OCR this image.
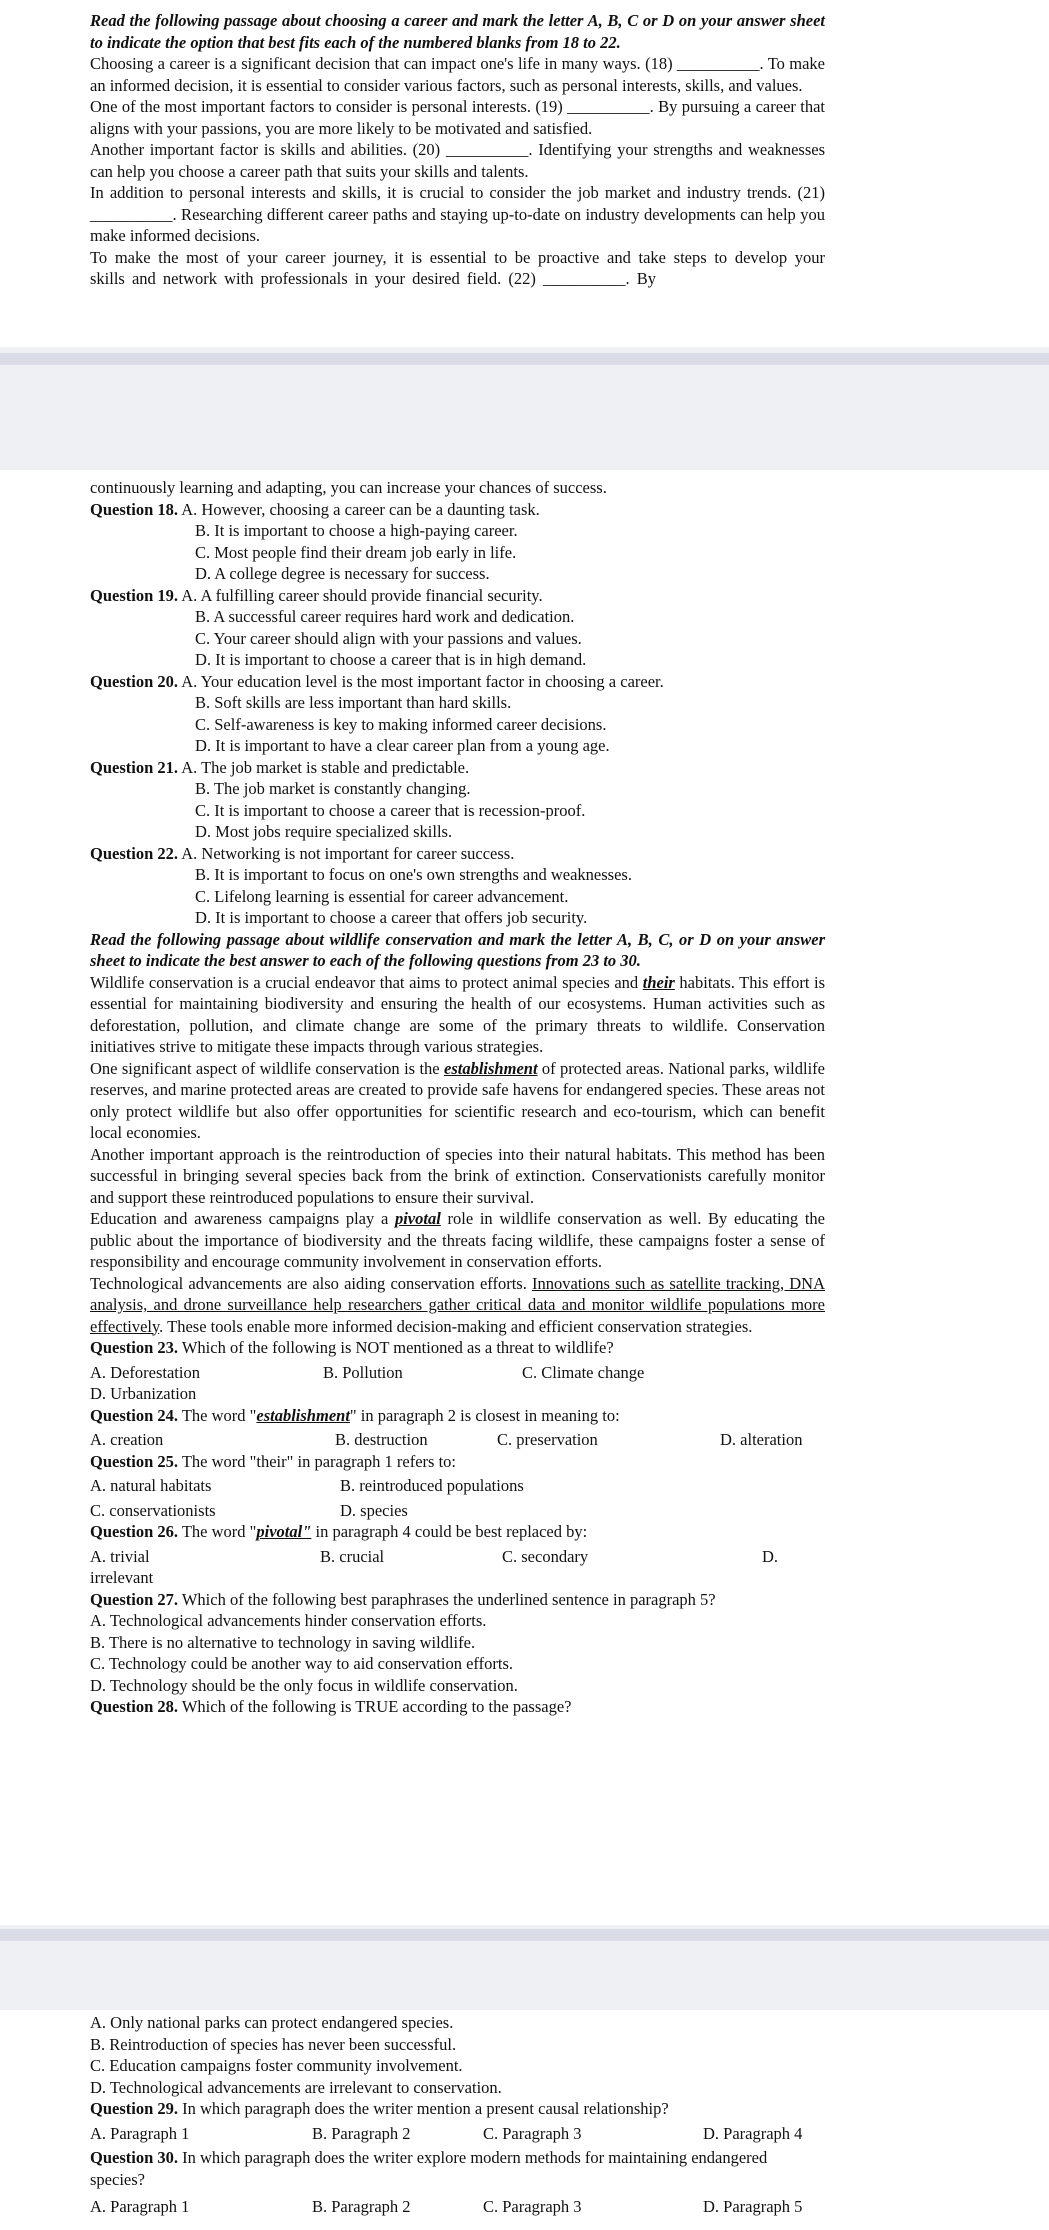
Read the following passage about choosing a career and mark the letter A, B, C or D on your answer sheet to indicate the option that best fits each of the numbered blanks from 18 to 22.

Choosing a career is a significant decision that can impact one's life in many ways. (18) __________. To make an informed decision, it is essential to consider various factors, such as personal interests, skills, and values.

One of the most important factors to consider is personal interests. (19) __________. By pursuing a career that aligns with your passions, you are more likely to be motivated and satisfied.

Another important factor is skills and abilities. (20) __________. Identifying your strengths and weaknesses can help you choose a career path that suits your skills and talents.

In addition to personal interests and skills, it is crucial to consider the job market and industry trends. (21) __________. Researching different career paths and staying up-to-date on industry developments can help you make informed decisions.

To make the most of your career journey, it is essential to be proactive and take steps to develop your skills and network with professionals in your desired field. (22) __________. By

continuously learning and adapting, you can increase your chances of success.

Question 18. A. However, choosing a career can be a daunting task.
B. It is important to choose a high-paying career.
C. Most people find their dream job early in life.
D. A college degree is necessary for success.
Question 19. A. A fulfilling career should provide financial security.
B. A successful career requires hard work and dedication.
C. Your career should align with your passions and values.
D. It is important to choose a career that is in high demand.
Question 20. A. Your education level is the most important factor in choosing a career.
B. Soft skills are less important than hard skills.
C. Self-awareness is key to making informed career decisions.
D. It is important to have a clear career plan from a young age.
Question 21. A. The job market is stable and predictable.
B. The job market is constantly changing.
C. It is important to choose a career that is recession-proof.
D. Most jobs require specialized skills.
Question 22. A. Networking is not important for career success.
B. It is important to focus on one's own strengths and weaknesses.
C. Lifelong learning is essential for career advancement.
D. It is important to choose a career that offers job security.

Read the following passage about wildlife conservation and mark the letter A, B, C, or D on your answer sheet to indicate the best answer to each of the following questions from 23 to 30.

Wildlife conservation is a crucial endeavor that aims to protect animal species and their habitats. This effort is essential for maintaining biodiversity and ensuring the health of our ecosystems. Human activities such as deforestation, pollution, and climate change are some of the primary threats to wildlife. Conservation initiatives strive to mitigate these impacts through various strategies.

One significant aspect of wildlife conservation is the establishment of protected areas. National parks, wildlife reserves, and marine protected areas are created to provide safe havens for endangered species. These areas not only protect wildlife but also offer opportunities for scientific research and eco-tourism, which can benefit local economies.

Another important approach is the reintroduction of species into their natural habitats. This method has been successful in bringing several species back from the brink of extinction. Conservationists carefully monitor and support these reintroduced populations to ensure their survival.

Education and awareness campaigns play a pivotal role in wildlife conservation as well. By educating the public about the importance of biodiversity and the threats facing wildlife, these campaigns foster a sense of responsibility and encourage community involvement in conservation efforts.

Technological advancements are also aiding conservation efforts. Innovations such as satellite tracking, DNA analysis, and drone surveillance help researchers gather critical data and monitor wildlife populations more effectively. These tools enable more informed decision-making and efficient conservation strategies.

Question 23. Which of the following is NOT mentioned as a threat to wildlife?
A. Deforestation	B. Pollution	C. Climate change
D. Urbanization
Question 24. The word "establishment" in paragraph 2 is closest in meaning to:
A. creation	B. destruction	C. preservation	D. alteration
Question 25. The word "their" in paragraph 1 refers to:
A. natural habitats	B. reintroduced populations
C. conservationists	D. species
Question 26. The word "pivotal" in paragraph 4 could be best replaced by:
A. trivial	B. crucial	C. secondary	D.
irrelevant
Question 27. Which of the following best paraphrases the underlined sentence in paragraph 5?
A. Technological advancements hinder conservation efforts.
B. There is no alternative to technology in saving wildlife.
C. Technology could be another way to aid conservation efforts.
D. Technology should be the only focus in wildlife conservation.
Question 28. Which of the following is TRUE according to the passage?
A. Only national parks can protect endangered species.
B. Reintroduction of species has never been successful.
C. Education campaigns foster community involvement.
D. Technological advancements are irrelevant to conservation.
Question 29. In which paragraph does the writer mention a present causal relationship?
A. Paragraph 1	B. Paragraph 2	C. Paragraph 3	D. Paragraph 4
Question 30. In which paragraph does the writer explore modern methods for maintaining endangered species?
A. Paragraph 1	B. Paragraph 2	C. Paragraph 3	D. Paragraph 5
